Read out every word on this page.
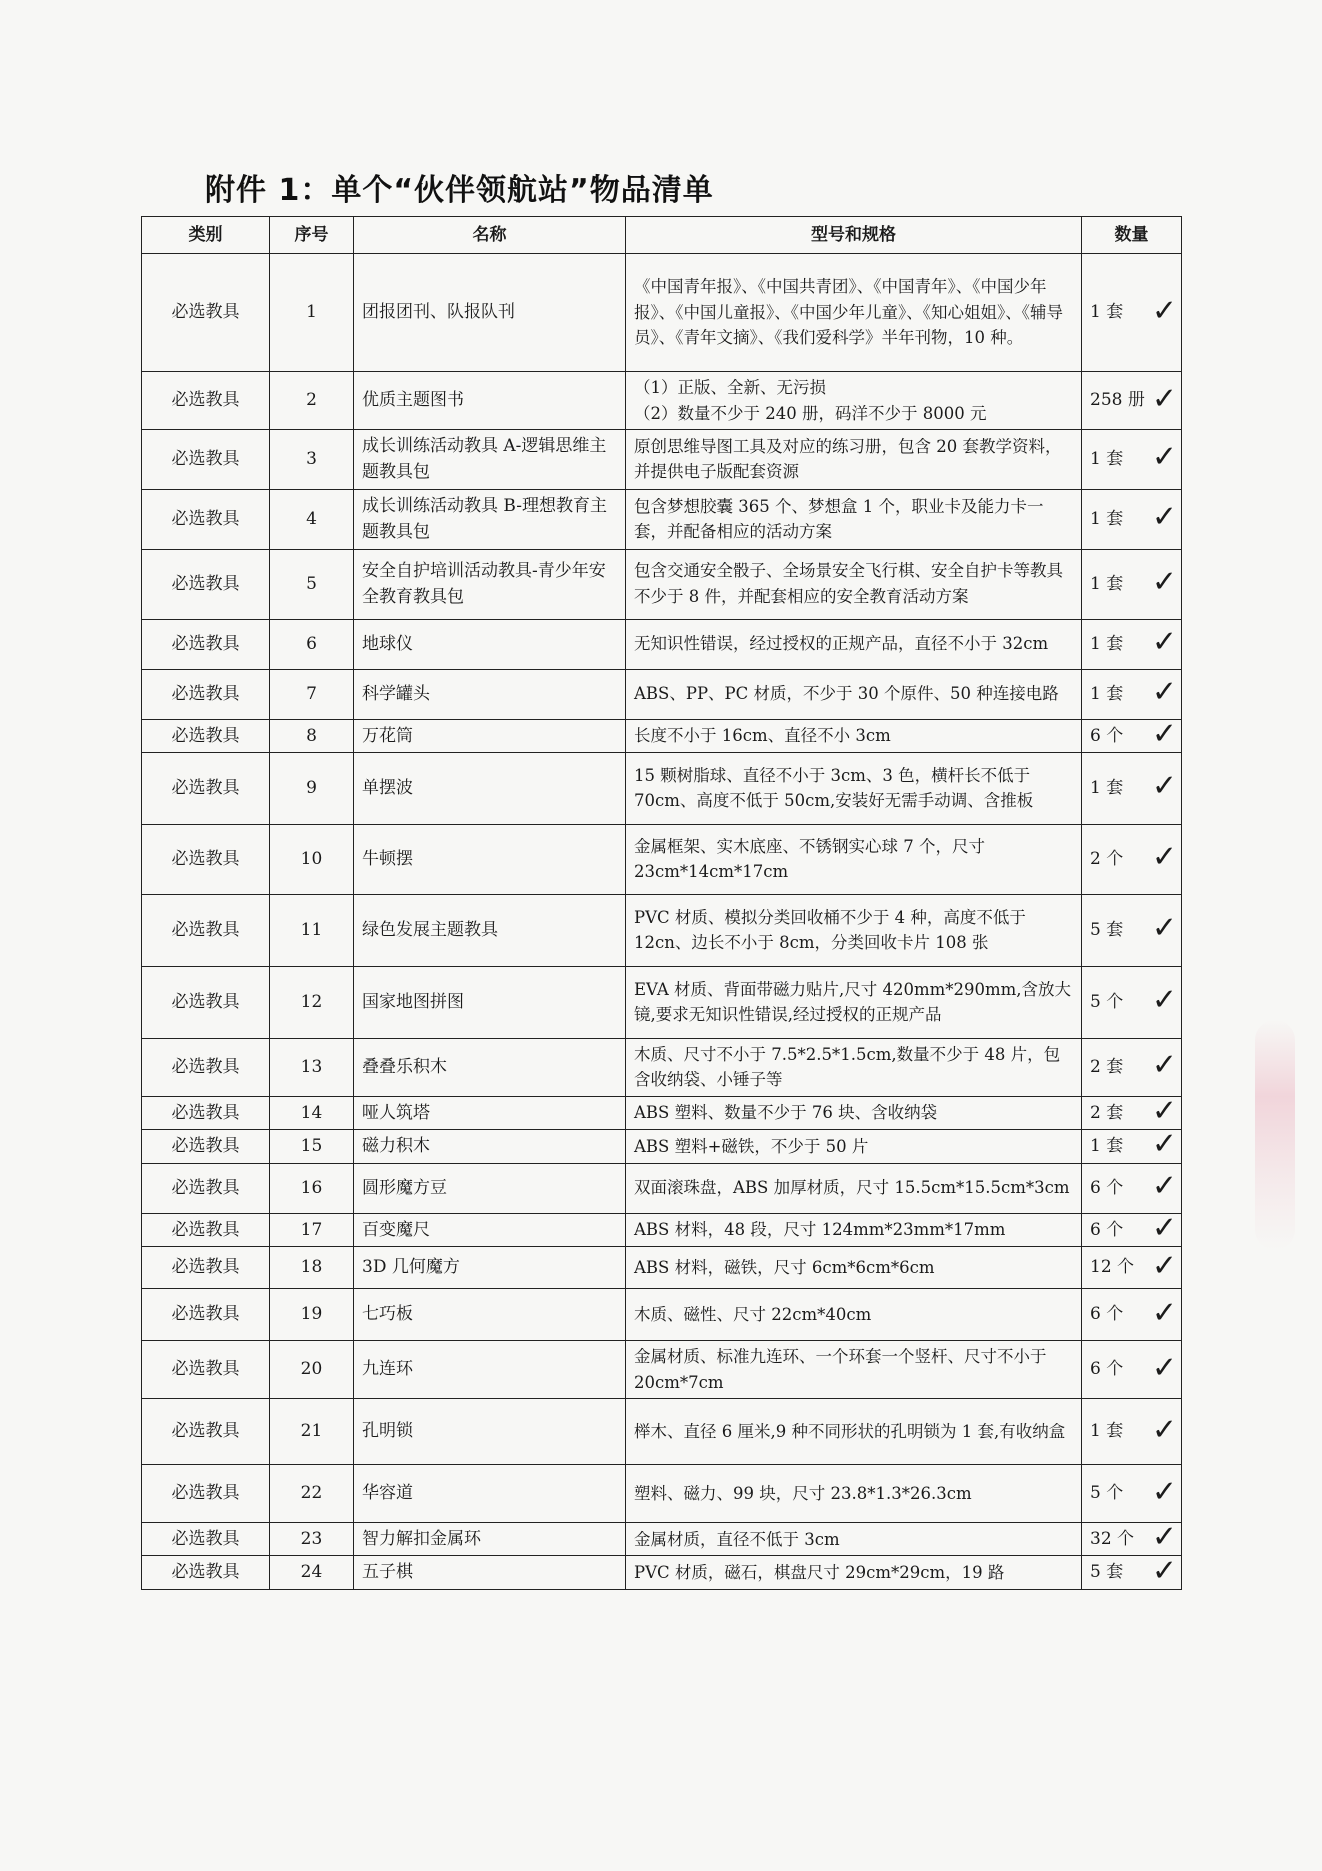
附件 1：单个“伙伴领航站”物品清单
类别	序号	名称	型号和规格	数量
必选教具	1	团报团刊、队报队刊	《中国青年报》、《中国共青团》、《中国青年》、《中国少年报》、《中国儿童报》、《中国少年儿童》、《知心姐姐》、《辅导员》、《青年文摘》、《我们爱科学》半年刊物，10 种。	1 套 ✓

必选教具	2	优质主题图书	（1）正版、全新、无污损
（2）数量不少于 240 册，码洋不少于 8000 元	258 册 ✓

必选教具	3	成长训练活动教具 A-逻辑思维主题教具包	原创思维导图工具及对应的练习册，包含 20 套教学资料，并提供电子版配套资源	1 套 ✓

必选教具	4	成长训练活动教具 B-理想教育主题教具包	包含梦想胶囊 365 个、梦想盒 1 个，职业卡及能力卡一套，并配备相应的活动方案	1 套 ✓

必选教具	5	安全自护培训活动教具-青少年安全教育教具包	包含交通安全骰子、全场景安全飞行棋、安全自护卡等教具不少于 8 件，并配套相应的安全教育活动方案	1 套 ✓

必选教具	6	地球仪	无知识性错误，经过授权的正规产品，直径不小于 32cm	1 套 ✓

必选教具	7	科学罐头	ABS、PP、PC 材质，不少于 30 个原件、50 种连接电路	1 套 ✓

必选教具	8	万花筒	长度不小于 16cm、直径不小 3cm	6 个 ✓

必选教具	9	单摆波	15 颗树脂球、直径不小于 3cm、3 色，横杆长不低于 70cm、高度不低于 50cm,安装好无需手动调、含推板	1 套 ✓

必选教具	10	牛顿摆	金属框架、实木底座、不锈钢实心球 7 个，尺寸 23cm*14cm*17cm	2 个 ✓

必选教具	11	绿色发展主题教具	PVC 材质、模拟分类回收桶不少于 4 种，高度不低于 12cn、边长不小于 8cm，分类回收卡片 108 张	5 套 ✓

必选教具	12	国家地图拼图	EVA 材质、背面带磁力贴片,尺寸 420mm*290mm,含放大镜,要求无知识性错误,经过授权的正规产品	5 个 ✓

必选教具	13	叠叠乐积木	木质、尺寸不小于 7.5*2.5*1.5cm,数量不少于 48 片，包含收纳袋、小锤子等	2 套 ✓

必选教具	14	哑人筑塔	ABS 塑料、数量不少于 76 块、含收纳袋	2 套 ✓

必选教具	15	磁力积木	ABS 塑料+磁铁，不少于 50 片	1 套 ✓

必选教具	16	圆形魔方豆	双面滚珠盘，ABS 加厚材质，尺寸 15.5cm*15.5cm*3cm	6 个 ✓

必选教具	17	百变魔尺	ABS 材料，48 段，尺寸 124mm*23mm*17mm	6 个 ✓

必选教具	18	3D 几何魔方	ABS 材料，磁铁，尺寸 6cm*6cm*6cm	12 个 ✓

必选教具	19	七巧板	木质、磁性、尺寸 22cm*40cm	6 个 ✓

必选教具	20	九连环	金属材质、标准九连环、一个环套一个竖杆、尺寸不小于 20cm*7cm	6 个 ✓

必选教具	21	孔明锁	榉木、直径 6 厘米,9 种不同形状的孔明锁为 1 套,有收纳盒	1 套 ✓

必选教具	22	华容道	塑料、磁力、99 块，尺寸 23.8*1.3*26.3cm	5 个 ✓

必选教具	23	智力解扣金属环	金属材质，直径不低于 3cm	32 个 ✓

必选教具	24	五子棋	PVC 材质，磁石，棋盘尺寸 29cm*29cm，19 路	5 套 ✓
